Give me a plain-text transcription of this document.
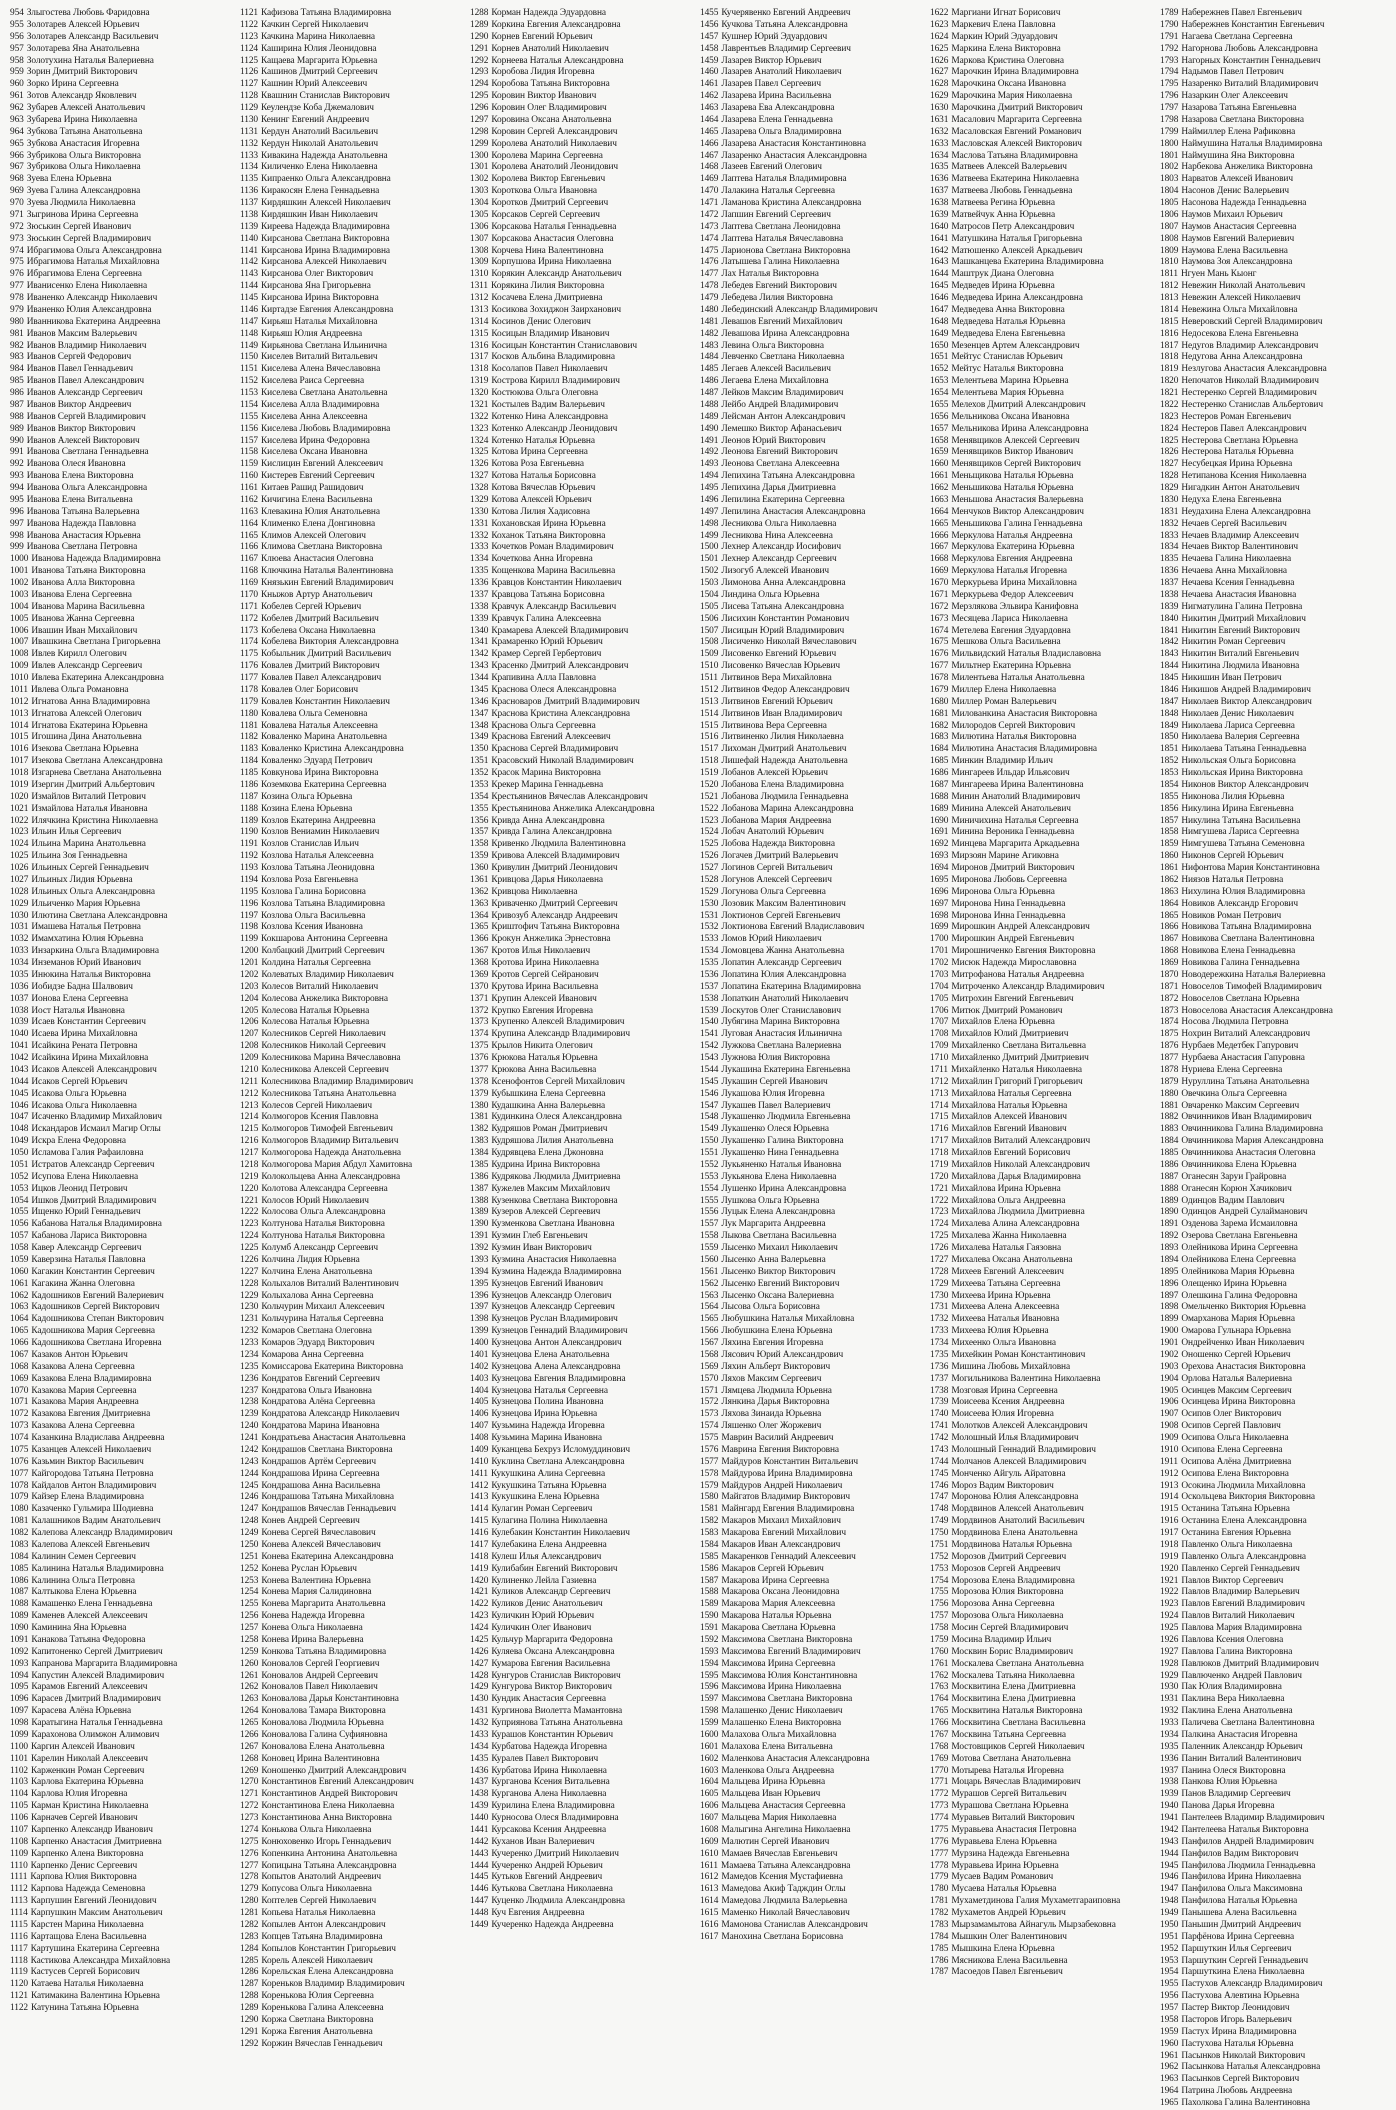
954 Злыгостева Любовь Фаридовна
955 Золотарев Алексей Юрьевич
956 Золотарев Александр Васильевич
957 Золотарева Яна Анатольевна
958 Золотухина Наталья Валериевна
959 Зорин Дмитрий Викторович
960 Зорко Ирина Сергеевна
961 Зотов Александр Яковлевич
962 Зубарев Алексей Анатольевич
963 Зубарева Ирина Николаевна
964 Зубкова Татьяна Анатольевна
965 Зубкова Анастасия Игоревна
966 Зубрикова Ольга Викторовна
967 Зубрикова Ольга Николаевна
968 Зуева Елена Юрьевна
969 Зуева Галина Александровна
970 Зуева Людмила Николаевна
971 Зыгринова Ирина Сергеевна
972 Зюськин Сергей Иванович
973 Зюськин Сергей Владимирович
974 Ибрагимова Ольга Александровна
975 Ибрагимова Наталья Михайловна
976 Ибрагимова Елена Сергеевна
977 Иванисенко Елена Николаевна
978 Иваненко Александр Николаевич
979 Иваненко Юлия Александровна
980 Иванникова Екатерина Андреевна
981 Иванов Максим Валерьевич
982 Иванов Владимир Николаевич
983 Иванов Сергей Федорович
984 Иванов Павел Геннадьевич
985 Иванов Павел Александрович
986 Иванов Александр Сергеевич
987 Иванов Виктор Андреевич
988 Иванов Сергей Владимирович
989 Иванов Виктор Викторович
990 Иванов Алексей Викторович
991 Иванова Светлана Геннадьевна
992 Иванова Олеся Ивановна
993 Иванова Елена Викторовна
994 Иванова Ольга Александровна
995 Иванова Елена Витальевна
996 Иванова Татьяна Валерьевна
997 Иванова Надежда Павловна
998 Иванова Анастасия Юрьевна
999 Иванова Светлана Петровна
1000 Иванова Надежда Владимировна
1001 Иванова Татьяна Викторовна
1002 Иванова Алла Викторовна
1003 Иванова Елена Сергеевна
1004 Иванова Марина Васильевна
1005 Иванова Жанна Сергеевна
1006 Ивашин Иван Михайлович
1007 Ивашкина Светлана Григорьевна
1008 Ивлев Кирилл Олегович
1009 Ивлев Александр Сергеевич
1010 Ивлева Екатерина Александровна
1011 Ивлева Ольга Романовна
1012 Игнатова Анна Владимировна
1013 Игнатова Алексей Олегович
1014 Игнатова Екатерина Юрьевна
1015 Игошина Дина Анатольевна
1016 Изекова Светлана Юрьевна
1017 Изекова Светлана Александровна
1018 Изгарнева Светлана Анатольевна
1019 Изергин Дмитрий Альбертович
1020 Измайлов Виталий Петрович
1021 Измайлова Наталья Ивановна
1022 Илячкина Кристина Николаевна
1023 Ильин Илья Сергеевич
1024 Ильина Марина Анатольевна
1025 Ильина Зоя Геннадьевна
1026 Ильиных Сергей Геннадьевич
1027 Ильиных Лидия Юрьевна
1028 Ильиных Ольга Александровна
1029 Ильиченко Мария Юрьевна
1030 Илютина Светлана Александровна
1031 Имашева Наталья Петровна
1032 Имамхатина Юлия Юрьевна
1033 Инзаркина Ольга Владимировна
1034 Инземанов Юрий Иванович
1035 Инюкина Наталья Викторовна
1036 Иобидзе Бадна Шалвович
1037 Ионова Елена Сергеевна
1038 Иост Наталья Ивановна
1039 Исаев Константин Сергеевич
1040 Исаева Ирина Михайловна
1041 Исайкина Рената Петровна
1042 Исайкина Ирина Михайловна
1043 Исаков Алексей Александрович
1044 Исаков Сергей Юрьевич
1045 Исакова Ольга Юрьевна
1046 Исакова Ольга Николаевна
1047 Исаченко Владимир Михайлович
1048 Искандаров Исмаил Магир Оглы
1049 Искра Елена Федоровна
1050 Исламова Галия Рафаиловна
1051 Истратов Александр Сергеевич
1052 Исупова Елена Николаевна
1053 Ицков Леонид Петрович
1054 Ишков Дмитрий Владимирович
1055 Ищенко Юрий Геннадьевич
1056 Кабанова Наталья Владимировна
1057 Кабанова Лариса Викторовна
1058 Кавер Александр Сергеевич
1059 Каверзина Наталья Павловна
1060 Кагакин Константин Сергеевич
1061 Кагакина Жанна Олеговна
1062 Кадошников Евгений Валериевич
1063 Кадошников Сергей Викторович
1064 Кадошникова Степан Викторович
1065 Кадошникова Мария Сергеевна
1066 Кадошникова Светлана Игоревна
1067 Казаков Антон Юрьевич
1068 Казакова Алена Сергеевна
1069 Казакова Елена Владимировна
1070 Казакова Мария Сергеевна
1071 Казакова Мария Андреевна
1072 Казакова Евгения Дмитриевна
1073 Казакова Алена Сергеевна
1074 Казанкина Владислава Андреевна
1075 Казанцев Алексей Николаевич
1076 Казьмин Виктор Васильевич
1077 Кайгородова Татьяна Петровна
1078 Кайдалов Антон Владимирович
1079 Кайзер Елена Владимировна
1080 Казаченко Гульмира Шодиевна
1081 Калашников Вадим Анатольевич
1082 Калепова Александр Владимирович
1083 Калепова Алексей Евгеньевич
1084 Калинин Семен Сергеевич
1085 Калинина Наталья Владимировна
1086 Калинина Ольга Петровна
1087 Калтыкова Елена Юрьевна
1088 Камашенко Елена Геннадьевна
1089 Каменев Алексей Алексеевич
1090 Каминина Яна Юрьевна
1091 Канакова Татьяна Федоровна
1092 Капитоненко Сергей Дмитриевич
1093 Капранова Маргарита Владимировна
1094 Капустин Алексей Владимирович
1095 Карамов Евгений Алексеевич
1096 Карасев Дмитрий Владимирович
1097 Карасева Алёна Юрьевна
1098 Каратыгина Наталья Геннадьевна
1099 Карахонова Олимжон Алимович
1100 Каргин Алексей Иванович
1101 Карелин Николай Алексеевич
1102 Карженкин Роман Сергеевич
1103 Карлова Екатерина Юрьевна
1104 Карлова Юлия Игоревна
1105 Карман Кристина Николаевна
1106 Карначев Сергей Иванович
1107 Карпенко Александр Иванович
1108 Карпенко Анастасия Дмитриевна
1109 Карпенко Алена Викторовна
1110 Карпенко Денис Сергеевич
1111 Карпова Юлия Викторовна
1112 Карпова Надежда Семеновна
1113 Карпушин Евгений Леонидович
1114 Карпушкин Максим Анатольевич
1115 Карстен Марина Николаевна
1116 Картащова Елена Васильевна
1117 Картушина Екатерина Сергеевна
1118 Кастикова Александра Михайловна
1119 Кастусев Сергей Борисович
1120 Катаева Наталья Николаевна
1121 Катимакина Валентина Юрьевна
1122 Катунина Татьяна Юрьевна
1121 Кафизова Татьяна Владимировна
1122 Качкин Сергей Николаевич
1123 Качкина Марина Николаевна
1124 Каширина Юлия Леонидовна
1125 Кащаева Маргарита Юрьевна
1126 Кашинов Дмитрий Сергеевич
1127 Кашнин Юрий Алексеевич
1128 Квашнин Станислав Викторович
1129 Кеулендзе Коба Джемалович
1130 Кенинг Евгений Андреевич
1131 Кердун Анатолий Васильевич
1132 Кердун Николай Анатольевич
1133 Кивакина Надежда Анатольевна
1134 Киличенко Елена Николаевна
1135 Кипраенко Ольга Александровна
1136 Киракосян Елена Геннадьевна
1137 Кирдяшкин Алексей Николаевич
1138 Кирдяшкин Иван Николаевич
1139 Киреева Надежда Владимировна
1140 Кирсанова Светлана Викторовна
1141 Кирсанова Ирина Владимировна
1142 Кирсанова Алексей Николаевич
1143 Кирсанова Олег Викторович
1144 Кирсанова Яна Григорьевна
1145 Кирсанова Ирина Викторовна
1146 Киртадзе Евгения Александровна
1147 Кирьяш Наталья Михайловна
1148 Кирьяш Юлия Андреевна
1149 Кирьянова Светлана Ильинична
1150 Киселев Виталий Витальевич
1151 Киселева Алена Вячеславовна
1152 Киселева Раиса Сергеевна
1153 Киселева Светлана Анатольевна
1154 Киселева Алла Владимировна
1155 Киселева Анна Алексеевна
1156 Киселева Любовь Владимировна
1157 Киселева Ирина Федоровна
1158 Киселева Оксана Ивановна
1159 Кислицин Евгений Алексеевич
1160 Кистерев Евгений Сергеевич
1161 Китаев Рашид Рашидович
1162 Кичигина Елена Васильевна
1163 Клевакина Юлия Анатольевна
1164 Клименко Елена Донгиновна
1165 Климов Алексей Олегович
1166 Климова Светлана Викторовна
1167 Клюева Анастасия Олеговна
1168 Ключкина Наталья Валентиновна
1169 Князькин Евгений Владимирович
1170 Кныжов Артур Анатольевич
1171 Кобелев Сергей Юрьевич
1172 Кобелев Дмитрий Васильевич
1173 Кобелева Оксана Николаевна
1174 Кобелева Виктория Александровна
1175 Кобыльник Дмитрий Васильевич
1176 Ковалев Дмитрий Викторович
1177 Ковалев Павел Александрович
1178 Ковалев Олег Борисович
1179 Ковалев Константин Николаевич
1180 Ковалева Ольга Семеновна
1181 Ковалева Наталья Алексеевна
1182 Коваленко Марина Анатольевна
1183 Коваленко Кристина Александровна
1184 Коваленко Эдуард Петрович
1185 Ковкунова Ирина Викторовна
1186 Коземкова Екатерина Сергеевна
1187 Козина Ольга Юрьевна
1188 Козина Елена Юрьевна
1189 Козлов Екатерина Андреевна
1190 Козлов Вениамин Николаевич
1191 Козлов Станислав Ильич
1192 Козлова Наталья Алексеевна
1193 Козлова Татьяна Леонидовна
1194 Козлова Роза Евгеньевна
1195 Козлова Галина Борисовна
1196 Козлова Татьяна Владимировна
1197 Козлова Ольга Васильевна
1198 Козлова Ксения Ивановна
1199 Кокшарова Антонина Сергеевна
1200 Колбацкий Дмитрий Сергеевич
1201 Колдина Наталья Сергеевна
1202 Колеватых Владимир Николаевич
1203 Колесов Виталий Николаевич
1204 Колесова Анжелика Викторовна
1205 Колесова Наталья Юрьевна
1206 Колесова Наталья Юрьевна
1207 Колесников Сергей Николаевич
1208 Колесников Николай Сергеевич
1209 Колесникова Марина Вячеславовна
1210 Колесникова Алексей Сергеевич
1211 Колесникова Владимир Владимирович
1212 Колесникова Татьяна Анатольевна
1213 Колесов Сергей Николаевич
1214 Колмогоров Ксения Павловна
1215 Колмогоров Тимофей Евгеньевич
1216 Колмогоров Владимир Витальевич
1217 Колмогорова Надежда Анатольевна
1218 Колмогорова Мария Абдул Хамитовна
1219 Колокольцева Анна Александровна
1220 Колотова Александра Сергеевна
1221 Колосов Юрий Николаевич
1222 Колосова Ольга Александровна
1223 Колтунова Наталья Викторовна
1224 Колтунова Наталья Викторовна
1225 Колумб Александр Сергеевич
1226 Колчина Лидия Юрьевна
1227 Колчина Елена Анатольевна
1228 Колыхалов Виталий Валентинович
1229 Колыхалова Анна Сергеевна
1230 Кольчурин Михаил Алексеевич
1231 Кольчурина Наталья Сергеевна
1232 Комаров Светлана Олеговна
1233 Комаров Эдуард Викторович
1234 Комарова Анна Сергеевна
1235 Комиссарова Екатерина Викторовна
1236 Кондратов Евгений Сергеевич
1237 Кондратова Ольга Ивановна
1238 Кондратова Алёна Сергеевна
1239 Кондратова Александр Николаевич
1240 Кондратова Марина Ивановна
1241 Кондратьева Анастасия Анатольевна
1242 Кондрашов Светлана Викторовна
1243 Кондрашов Артём Сергеевич
1244 Кондрашова Ирина Сергеевна
1245 Кондрашова Анна Васильевна
1246 Кондрашова Татьяна Михайловна
1247 Кондрашов Вячеслав Геннадьевич
1248 Конев Андрей Сергеевич
1249 Конева Сергей Вячеславович
1250 Конева Алексей Вячеславович
1251 Конева Екатерина Александровна
1252 Конева Руслан Юрьевич
1253 Конева Валентина Юрьевна
1254 Конева Мария Салидиновна
1255 Конева Маргарита Анатольевна
1256 Конева Надежда Игоревна
1257 Конева Ольга Николаевна
1258 Конева Ирина Валерьевна
1259 Конкова Татьяна Владимировна
1260 Коновалов Сергей Георгиевич
1261 Коновалов Андрей Сергеевич
1262 Коновалов Павел Николаевич
1263 Коновалова Дарья Константиновна
1264 Коновалова Тамара Викторовна
1265 Коновалова Людмила Юрьевна
1266 Коновалова Галина Суфияновна
1267 Коновалова Елена Анатольевна
1268 Коновец Ирина Валентиновна
1269 Коношенко Дмитрий Александрович
1270 Константинов Евгений Александрович
1271 Константинов Андрей Викторович
1272 Константинова Елена Николаевна
1273 Константинова Анна Викторовна
1274 Конькова Ольга Николаевна
1275 Конюховенко Игорь Геннадьевич
1276 Копенкина Антонина Анатольевна
1277 Копицына Татьяна Александровна
1278 Копытов Анатолий Андреевич
1279 Копусова Ольга Николаевна
1280 Коптелев Сергей Николаевич
1281 Копьева Наталья Николаевна
1282 Копылев Антон Александрович
1283 Копцев Татьяна Владимировна
1284 Копылов Константин Григорьевич
1285 Корель Алексей Николаевич
1286 Корельская Елена Александровна
1287 Кореньков Владимир Владимирович
1288 Коренькова Юлия Сергеевна
1289 Коренькова Галина Алексеевна
1290 Коржа Светлана Викторовна
1291 Коржа Евгения Анатольевна
1292 Коржин Вячеслав Геннадьевич
1288 Корман Надежда Эдуардовна
1289 Коркина Евгения Александровна
1290 Корнев Евгений Юрьевич
1291 Корнев Анатолий Николаевич
1292 Корнеева Наталья Александровна
1293 Коробова Лидия Игоревна
1294 Коробова Татьяна Викторовна
1295 Коровин Виктор Иванович
1296 Коровин Олег Владимирович
1297 Коровина Оксана Анатольевна
1298 Коровин Сергей Александрович
1299 Королева Анатолий Николаевич
1300 Королева Марина Сергеевна
1301 Королева Анатолий Леонидович
1302 Королева Виктор Евгеньевич
1303 Короткова Ольга Ивановна
1304 Коротков Дмитрий Сергеевич
1305 Корсаков Сергей Сергеевич
1306 Корсакова Наталья Геннадьевна
1307 Корсакова Анастасия Олеговна
1308 Корчева Нина Валентиновна
1309 Корпушова Ирина Николаевна
1310 Корякин Александр Анатольевич
1311 Корякина Лилия Викторовна
1312 Косачева Елена Дмитриевна
1313 Косикова Зохиджон Заирханович
1314 Косинов Денис Олегович
1315 Косицын Владимир Иванович
1316 Косицын Константин Станиславович
1317 Косков Альбина Владимировна
1318 Косолапов Павел Николаевич
1319 Кострова Кирилл Владимирович
1320 Костюкова Ольга Олеговна
1321 Костылев Вадим Валерьевич
1322 Котенко Нина Александровна
1323 Котенко Александр Леонидович
1324 Котенко Наталья Юрьевна
1325 Котова Ирина Сергеевна
1326 Котова Роза Евгеньевна
1327 Котова Наталья Борисовна
1328 Котова Вячеслав Юрьевич
1329 Котова Алексей Юрьевич
1330 Котова Лилия Хадисовна
1331 Кохановская Ирина Юрьевна
1332 Коханок Татьяна Викторовна
1333 Кочетков Роман Владимирович
1334 Кочеткова Анна Игоревна
1335 Кощенкова Марина Васильевна
1336 Кравцов Константин Николаевич
1337 Кравцова Татьяна Борисовна
1338 Кравчук Александр Васильевич
1339 Кравчук Галина Алексеевна
1340 Крамарева Алексей Владимирович
1341 Крамаренко Юрий Юрьевич
1342 Крамер Сергей Гербертович
1343 Красенко Дмитрий Александрович
1344 Крапивина Алла Павловна
1345 Краснова Олеся Александровна
1346 Красноваров Дмитрий Владимирович
1347 Краснова Кристина Александровна
1348 Краснова Ольга Сергеевна
1349 Краснова Евгений Алексеевич
1350 Краснова Сергей Владимирович
1351 Красовский Николай Владимирович
1352 Красок Марина Викторовна
1353 Крекер Марина Геннадьевна
1354 Крестьянинов Вячеслав Александрович
1355 Крестьянинова Анжелика Александровна
1356 Кривда Анна Александровна
1357 Кривда Галина Александровна
1358 Кривенко Людмила Валентиновна
1359 Кривова Алексей Владимирович
1360 Кривулин Дмитрий Леонидович
1361 Кривцова Дарья Николаевна
1362 Кривцова Николаевна
1363 Криваченко Дмитрий Сергеевич
1364 Кривозуб Александр Андреевич
1365 Криштофич Татьяна Викторовна
1366 Крокун Анжелика Эрнестовна
1367 Кротов Илья Николаевич
1368 Кротова Ирина Николаевна
1369 Кротов Сергей Сейранович
1370 Крутова Ирина Васильевна
1371 Крупин Алексей Иванович
1372 Крупко Евгения Игоревна
1373 Крупенко Алексей Владимирович
1374 Крупина Александр Владимирович
1375 Крылов Никита Олегович
1376 Крюкова Наталья Юрьевна
1377 Крюкова Анна Васильевна
1378 Ксенофонтов Сергей Михайлович
1379 Кубышкина Елена Сергеевна
1380 Кудашкина Анна Валерьевна
1381 Кудинкина Олеся Александровна
1382 Кудряшов Роман Дмитриевич
1383 Кудряшова Лилия Анатольевна
1384 Кудрявцева Елена Джоновна
1385 Кудрина Ирина Викторовна
1386 Кудрякова Людмила Дмитриевна
1387 Кужелев Максим Михайлович
1388 Кузенкова Светлана Викторовна
1389 Кузеров Алексей Сергеевич
1390 Кузменкова Светлана Ивановна
1391 Кузмин Глеб Евгеньевич
1392 Кузмин Иван Викторович
1393 Кузмина Анастасия Николаевна
1394 Кузмина Надежда Владимировна
1395 Кузнецов Евгений Иванович
1396 Кузнецов Александр Олегович
1397 Кузнецов Александр Сергеевич
1398 Кузнецов Руслан Владимирович
1399 Кузнецов Геннадий Владимирович
1400 Кузнецова Антон Александрович
1401 Кузнецова Елена Анатольевна
1402 Кузнецова Алена Александровна
1403 Кузнецова Евгения Владимировна
1404 Кузнецова Наталья Сергеевна
1405 Кузнецова Полина Ивановна
1406 Кузнецова Ирина Юрьевна
1407 Кузьмина Надежда Игоревна
1408 Кузьмина Марина Ивановна
1409 Куканцева Бехруз Исломуддинович
1410 Куклина Светлана Александровна
1411 Кукушкина Алина Сергеевна
1412 Кукушкина Татьяна Юрьевна
1413 Кукушкина Елена Юрьевна
1414 Кулагин Роман Сергеевич
1415 Кулагина Полина Николаевна
1416 Кулебакин Константин Николаевич
1417 Кулебакина Елена Андреевна
1418 Кулеш Илья Александрович
1419 Кулибабин Евгений Викторович
1420 Кулиненко Лейла Газиевна
1421 Куликов Александр Сергеевич
1422 Куликов Денис Анатольевич
1423 Куличкин Юрий Юрьевич
1424 Куличкин Олег Иванович
1425 Кульчур Маргарита Федоровна
1426 Куляева Оксана Александровна
1427 Кумарова Евгения Васильевна
1428 Кунгуров Станислав Викторович
1429 Кунгурова Виктор Викторович
1430 Кундик Анастасия Сергеевна
1431 Кургинова Виолетта Мамантовна
1432 Куприянова Татьяна Анатольевна
1433 Курашов Константин Юрьевич
1434 Курбатова Надежда Игоревна
1435 Куралев Павел Викторович
1436 Курбатова Ирина Николаевна
1437 Курганова Ксения Витальевна
1438 Курганова Алена Николаевна
1439 Курилина Елена Владимировна
1440 Курносова Олеся Владимировна
1441 Курсакова Ксения Андреевна
1442 Куханов Иван Валериевич
1443 Кучеренко Дмитрий Николаевич
1444 Кучеренко Андрей Юрьевич
1445 Кутьков Евгений Андреевич
1446 Кутькова Светлана Николаевна
1447 Куценко Людмила Александровна
1448 Куч Евгения Андреевна
1449 Кучеренко Надежда Андреевна
1455 Кучерявенко Евгений Андреевич
1456 Кучкова Татьяна Александровна
1457 Кушнер Юрий Эдуардович
1458 Лаврентьев Владимир Сергеевич
1459 Лазарев Виктор Юрьевич
1460 Лазарев Анатолий Николаевич
1461 Лазарев Павел Сергеевич
1462 Лазарева Ирина Васильевна
1463 Лазарева Ева Александровна
1464 Лазарева Елена Геннадьевна
1465 Лазарева Ольга Владимировна
1466 Лазарева Анастасия Константиновна
1467 Лазаренко Анастасия Александровна
1468 Лазеев Евгений Олегович
1469 Лаптева Наталья Владимировна
1470 Лалакина Наталья Сергеевна
1471 Ламанова Кристина Александровна
1472 Лапшин Евгений Сергеевич
1473 Лаптева Светлана Леонидовна
1474 Лаптева Наталья Вячеславовна
1475 Ларионова Светлана Викторовна
1476 Латышева Галина Николаевна
1477 Лах Наталья Викторовна
1478 Лебедев Евгений Викторович
1479 Лебедева Лилия Викторовна
1480 Лебединский Александр Владимирович
1481 Левашов Евгений Михайлович
1482 Левашова Ирина Александровна
1483 Левина Ольга Викторовна
1484 Левченко Светлана Николаевна
1485 Легаев Алексей Васильевич
1486 Легаева Елена Михайловна
1487 Лейков Максим Владимирович
1488 Лейбо Андрей Владимирович
1489 Лейсман Антон Александрович
1490 Лемешко Виктор Афанасьевич
1491 Леонов Юрий Викторович
1492 Леонова Евгений Викторович
1493 Леонова Светлана Алексеевна
1494 Лепихина Татьяна Александровна
1495 Лепихина Дарья Дмитриевна
1496 Лепилина Екатерина Сергеевна
1497 Лепилина Анастасия Александровна
1498 Лесникова Ольга Николаевна
1499 Лесникова Нина Алексеевна
1500 Лехнер Александр Иосифович
1501 Лехнер Александр Сергеевич
1502 Лизогуб Алексей Иванович
1503 Лимонова Анна Александровна
1504 Линдина Ольга Юрьевна
1505 Лисева Татьяна Александровна
1506 Лисихин Константин Романович
1507 Лисицын Юрий Владимирович
1508 Лисиченко Николай Вячеславович
1509 Лисовенко Евгений Юрьевич
1510 Лисовенко Вячеслав Юрьевич
1511 Литвинов Вера Михайловна
1512 Литвинов Федор Александрович
1513 Литвинов Евгений Юрьевич
1514 Литвинов Иван Владимирович
1515 Литвинова Вера Сергеевна
1516 Литвиненко Лилия Николаевна
1517 Лихоман Дмитрий Анатольевич
1518 Лишефай Надежда Анатольевна
1519 Лобанов Алексей Юрьевич
1520 Лобанова Елена Владимировна
1521 Лобанова Людмила Геннадьевна
1522 Лобанова Марина Александровна
1523 Лобанова Мария Андреевна
1524 Лобач Анатолий Юрьевич
1525 Лобова Надежда Викторовна
1526 Логачев Дмитрий Валерьевич
1527 Логинов Сергей Витальевич
1528 Логунов Алексей Сергеевич
1529 Логунова Ольга Сергеевна
1530 Лозовик Максим Валентинович
1531 Локтионов Сергей Евгеньевич
1532 Локтионова Евгений Владиславович
1533 Ломов Юрий Николаевич
1534 Ломовцева Жанна Анатольевна
1535 Лопатин Александр Сергеевич
1536 Лопатина Юлия Александровна
1537 Лопатина Екатерина Владимировна
1538 Лопаткин Анатолий Николаевич
1539 Лоскутов Олег Станиславович
1540 Лубягина Марина Викторовна
1541 Луговая Анастасия Ильинична
1542 Лужкова Светлана Валериевна
1543 Лужнова Юлия Викторовна
1544 Лукашина Екатерина Евгеньевна
1545 Лукашин Сергей Иванович
1546 Лукашова Юлия Игоревна
1547 Лукашев Павел Валериевич
1548 Лукашенко Людмила Евгеньевна
1549 Лукашенко Олеся Юрьевна
1550 Лукашенко Галина Викторовна
1551 Лукашенко Нина Геннадьевна
1552 Лукьяненко Наталья Ивановна
1553 Лукьянова Елена Николаевна
1554 Лушенко Ирина Александровна
1555 Лушкова Ольга Юрьевна
1556 Луцык Елена Александровна
1557 Лук Маргарита Андреевна
1558 Лыкова Светлана Васильевна
1559 Лысенко Михаил Николаевич
1560 Лысенко Анна Валерьевна
1561 Лысенко Виктор Викторович
1562 Лысенко Евгений Викторович
1563 Лысенко Оксана Валериевна
1564 Лысова Ольга Борисовна
1565 Любушкина Наталья Михайловна
1566 Любушкина Елена Юрьевна
1567 Ляхина Евгения Игоревна
1568 Лясович Юрий Александрович
1569 Ляхин Альберт Викторович
1570 Ляхов Максим Сергеевич
1571 Лямцева Людмила Юрьевна
1572 Лянкина Дарья Викторовна
1573 Ляхова Зинаида Юрьевна
1574 Ляшенко Олег Жоржевич
1575 Маврин Василий Андреевич
1576 Маврина Евгения Викторовна
1577 Майдуров Константин Витальевич
1578 Майдурова Ирина Владимировна
1579 Майдуров Андрей Николаевич
1580 Майгатов Владимир Викторович
1581 Майнгард Евгения Владимировна
1582 Макаров Михаил Михайлович
1583 Макарова Евгений Михайлович
1584 Макаров Иван Александрович
1585 Макаренков Геннадий Алексеевич
1586 Макаров Сергей Юрьевич
1587 Макарова Ирина Сергеевна
1588 Макарова Оксана Леонидовна
1589 Макарова Мария Алексеевна
1590 Макарова Наталья Юрьевна
1591 Макарова Светлана Юрьевна
1592 Максимова Светлана Викторовна
1593 Максимова Евгений Владимирович
1594 Максимова Ирина Сергеевна
1595 Максимова Юлия Константиновна
1596 Максимова Ирина Николаевна
1597 Максимова Светлана Викторовна
1598 Малашенко Денис Николаевич
1599 Малашенко Елена Викторовна
1600 Малахова Ольга Михайловна
1601 Малахова Елена Витальевна
1602 Маленкова Анастасия Александровна
1603 Маленкова Ольга Андреевна
1604 Мальцева Ирина Юрьевна
1605 Мальцева Иван Юрьевич
1606 Мальцева Анастасия Сергеевна
1607 Мальцева Мария Николаевна
1608 Малыгина Ангелина Николаевна
1609 Малютин Сергей Иванович
1610 Мамаев Вячеслав Евгеньевич
1611 Мамаева Татьяна Александровна
1612 Мамедов Ксения Мустафиевна
1613 Мамедова Акиф Тадждин Оглы
1614 Мамедова Людмила Валерьевна
1615 Маменко Николай Вячеславович
1616 Мамонова Станислав Александрович
1617 Манохина Светлана Борисовна
1622 Маргиани Игнат Борисович
1623 Маркевич Елена Павловна
1624 Маркин Юрий Эдуардович
1625 Маркина Елена Викторовна
1626 Маркова Кристина Олеговна
1627 Марочкин Ирина Владимировна
1628 Марочкина Оксана Ивановна
1629 Марочкина Мария Николаевна
1630 Марочкина Дмитрий Викторович
1631 Масалович Маргарита Сергеевна
1632 Масаловская Евгений Романович
1633 Масловская Алексей Викторович
1634 Маслова Татьяна Владимировна
1635 Матвеев Алексей Валерьевич
1636 Матвеева Екатерина Николаевна
1637 Матвеева Любовь Геннадьевна
1638 Матвеева Регина Юрьевна
1639 Матвейчук Анна Юрьевна
1640 Матросов Петр Александрович
1641 Матушкина Наталья Григорьевна
1642 Матюшенко Алексей Аркадьевич
1643 Машканцева Екатерина Владимировна
1644 Маштрук Диана Олеговна
1645 Медведев Ирина Юрьевна
1646 Медведева Ирина Александровна
1647 Медведева Анна Викторовна
1648 Медведева Наталья Юрьевна
1649 Медведева Елена Евгеньевна
1650 Мезенцев Артем Александрович
1651 Мейтус Станислав Юрьевич
1652 Мейтус Наталья Викторовна
1653 Мелентьева Марина Юрьевна
1654 Мелентьева Мария Юрьевна
1655 Мелехов Дмитрий Александрович
1656 Мельникова Оксана Ивановна
1657 Мельникова Ирина Александровна
1658 Менявщиков Алексей Сергеевич
1659 Менявщиков Виктор Иванович
1660 Менявщиков Сергей Викторович
1661 Меньщикова Наталья Юрьевна
1662 Меньшикова Наталья Юрьевна
1663 Меньшова Анастасия Валерьевна
1664 Менчуков Виктор Александрович
1665 Меньшикова Галина Геннадьевна
1666 Меркулова Наталья Андреевна
1667 Меркулова Екатерина Юрьевна
1668 Меркулова Евгения Андреевна
1669 Меркулова Наталья Игоревна
1670 Меркурьева Ирина Михайловна
1671 Меркурьева Федор Алексеевич
1672 Мерзлякова Эльвира Канифовна
1673 Месяцева Лариса Николаевна
1674 Метелева Евгения Эдуардовна
1675 Мешкова Ольга Васильевна
1676 Мильвидский Наталья Владиславовна
1677 Мильтнер Екатерина Юрьевна
1678 Милентьева Наталья Анатольевна
1679 Миллер Елена Николаевна
1680 Миллер Роман Валерьевич
1681 Милованкина Анастасия Викторовна
1682 Милородов Сергей Викторович
1683 Милютина Наталья Викторовна
1684 Милютина Анастасия Владимировна
1685 Минкин Владимир Ильич
1686 Мингареев Ильдар Ильясович
1687 Мингареева Ирина Валентиновна
1688 Минин Анатолий Владимирович
1689 Минина Алексей Анатольевич
1690 Миничихина Наталья Сергеевна
1691 Минина Вероника Геннадьевна
1692 Минцева Маргарита Аркадьевна
1693 Мирзоян Марине Агиковна
1694 Миронов Дмитрий Викторович
1695 Миронова Любовь Сергеевна
1696 Миронова Ольга Юрьевна
1697 Миронова Нина Геннадьевна
1698 Миронова Инна Геннадьевна
1699 Мирошкин Андрей Александрович
1700 Мирошкин Андрей Евгеньевич
1701 Мирошниченко Евгения Викторовна
1702 Мисюк Надежда Мирославовна
1703 Митрофанова Наталья Андреевна
1704 Митроченко Александр Владимирович
1705 Митрохин Евгений Евгеньевич
1706 Митюк Дмитрий Романович
1707 Михайлов Елена Юрьевна
1708 Михайлов Юлий Дмитриевич
1709 Михайленко Светлана Витальевна
1710 Михайленко Дмитрий Дмитриевич
1711 Михайленко Наталья Николаевна
1712 Михайлин Григорий Григорьевич
1713 Михайлова Наталья Сергеевна
1714 Михайлова Наталья Юрьевна
1715 Михайлов Алексей Иванович
1716 Михайлов Евгений Иванович
1717 Михайлов Виталий Александрович
1718 Михайлов Евгений Борисович
1719 Михайлов Николай Александрович
1720 Михайлова Дарья Владимировна
1721 Михайлова Ирина Юрьевна
1722 Михайлова Ольга Андреевна
1723 Михайлова Людмила Дмитриевна
1724 Михалева Алина Александровна
1725 Михалева Жанна Николаевна
1726 Михалева Наталья Гаязовна
1727 Михалева Оксана Анатольевна
1728 Михеев Евгений Алексеевич
1729 Михеева Татьяна Сергеевна
1730 Михеева Ирина Юрьевна
1731 Михеева Алена Алексеевна
1732 Михеева Наталья Ивановна
1733 Михеева Юлия Юрьевна
1734 Михеенко Ольга Ивановна
1735 Михейкин Роман Константинович
1736 Мишина Любовь Михайловна
1737 Могильникова Валентина Николаевна
1738 Мозговая Ирина Сергеевна
1739 Моисеева Ксения Андреевна
1740 Моисеева Юлия Игоревна
1741 Молотков Алексей Александрович
1742 Молошный Илья Владимирович
1743 Молошный Геннадий Владимирович
1744 Молчанов Алексей Владимирович
1745 Монченко Айгуль Айратовна
1746 Мороз Вадим Викторович
1747 Моронова Юлия Александровна
1748 Мордвинов Алексей Анатольевич
1749 Мордвинов Анатолий Васильевич
1750 Мордвинова Елена Анатольевна
1751 Мордвинова Наталья Юрьевна
1752 Морозов Дмитрий Сергеевич
1753 Морозов Сергей Андреевич
1754 Морозова Елена Владимировна
1755 Морозова Юлия Викторовна
1756 Морозова Анна Сергеевна
1757 Морозова Ольга Николаевна
1758 Мосин Сергей Владимирович
1759 Мосина Владимир Ильич
1760 Москвин Борис Владимирович
1761 Москалева Светлана Анатольевна
1762 Москалева Татьяна Николаевна
1763 Москвитина Елена Дмитриевна
1764 Москвитина Елена Дмитриевна
1765 Москвитина Наталья Викторовна
1766 Москвитина Светлана Васильевна
1767 Москвина Татьяна Сергеевна
1768 Мостовщиков Сергей Николаевич
1769 Мотова Светлана Анатольевна
1770 Мотырева Наталья Игоревна
1771 Моцарь Вячеслав Владимирович
1772 Мурашов Сергей Витальевич
1773 Мурашова Светлана Юрьевна
1774 Муравьев Виталий Викторович
1775 Муравьева Анастасия Петровна
1776 Муравьева Елена Юрьевна
1777 Мурзина Надежда Евгеньевна
1778 Муравьева Ирина Юрьевна
1779 Мусаев Вадим Романович
1780 Мусаева Наталья Юрьевна
1781 Мухаметдинова Галия Мухаметгараиповна
1782 Мухаметов Андрей Юрьевич
1783 Мырзамамытова Айнагуль Мырзабековна
1784 Мышкин Олег Валентинович
1785 Мышкина Елена Юрьевна
1786 Мясникова Елена Васильевна
1787 Масоедов Павел Евгеньевич
1789 Набережнев Павел Евгеньевич
1790 Набережнев Константин Евгеньевич
1791 Нагаева Светлана Сергеевна
1792 Нагорнова Любовь Александровна
1793 Нагорных Константин Геннадьевич
1794 Надымов Павел Петрович
1795 Назаренко Виталий Владимирович
1796 Назаркин Олег Алексеевич
1797 Назарова Татьяна Евгеньевна
1798 Назарова Светлана Викторовна
1799 Наймиллер Елена Рафиковна
1800 Наймушина Наталья Владимировна
1801 Наймушина Яна Викторовна
1802 Нарбекова Анжелика Викторовна
1803 Нарватов Алексей Иванович
1804 Насонов Денис Валерьевич
1805 Насонова Надежда Геннадьевна
1806 Наумов Михаил Юрьевич
1807 Наумов Анастасия Сергеевна
1808 Наумов Евгений Валериевич
1809 Наумова Елена Васильевна
1810 Наумова Зоя Александровна
1811 Нгуен Мань Кыонг
1812 Невежин Николай Анатольевич
1813 Невежин Алексей Николаевич
1814 Невежина Ольга Михайловна
1815 Неверовский Сергей Владимирович
1816 Недосекова Елена Евгеньевна
1817 Недугов Владимир Александрович
1818 Недугова Анна Александровна
1819 Незлугова Анастасия Александровна
1820 Непочатов Николай Владимирович
1821 Нестеренко Сергей Владимирович
1822 Нестеренко Станислав Альбертович
1823 Нестеров Роман Евгеньевич
1824 Нестеров Павел Александрович
1825 Нестерова Светлана Юрьевна
1826 Нестерова Наталья Юрьевна
1827 Несубецкая Ирина Юрьевна
1828 Нетипанова Ксения Николаевна
1829 Нигадкин Антон Анатольевич
1830 Недуха Елена Евгеньевна
1831 Неудахина Елена Александровна
1832 Нечаев Сергей Васильевич
1833 Нечаев Владимир Алексеевич
1834 Нечаев Виктор Валентинович
1835 Нечаева Галина Николаевна
1836 Нечаева Анна Михайловна
1837 Нечаева Ксения Геннадьевна
1838 Нечаева Анастасия Ивановна
1839 Нигматулина Галина Петровна
1840 Никитин Дмитрий Михайлович
1841 Никитин Евгений Викторович
1842 Никитин Роман Сергеевич
1843 Никитин Виталий Евгеньевич
1844 Никитина Людмила Ивановна
1845 Никишин Иван Петрович
1846 Никишов Андрей Владимирович
1847 Николаев Виктор Александрович
1848 Николаев Денис Николаевич
1849 Николаева Лариса Сергеевна
1850 Николаева Валерия Сергеевна
1851 Николаева Татьяна Геннадьевна
1852 Никольская Ольга Борисовна
1853 Никольская Ирина Викторовна
1854 Никонов Виктор Александрович
1855 Никонова Лилия Юрьевна
1856 Никулина Ирина Евгеньевна
1857 Никулина Татьяна Васильевна
1858 Нимгушева Лариса Сергеевна
1859 Нимгушева Татьяна Семеновна
1860 Никонов Сергей Юрьевич
1861 Нифонтова Мария Константиновна
1862 Ниязов Наталья Петровна
1863 Нихулина Юлия Владимировна
1864 Новиков Александр Егорович
1865 Новиков Роман Петрович
1866 Новикова Татьяна Владимировна
1867 Новикова Светлана Валентиновна
1868 Новикова Елена Геннадьевна
1869 Новикова Галина Геннадьевна
1870 Новодережкина Наталья Валериевна
1871 Новоселов Тимофей Владимирович
1872 Новоселов Светлана Юрьевна
1873 Новоселова Анастасия Александровна
1874 Носова Людмила Петровна
1875 Нохрин Виталий Александрович
1876 Нурбаев Медетбек Гапурович
1877 Нурбаева Анастасия Гапуровна
1878 Нуриева Елена Сергеевна
1879 Нуруллина Татьяна Анатольевна
1880 Овечкина Ольга Сергеевна
1881 Овчаренко Максим Сергеевич
1882 Овчинников Иван Владимирович
1883 Овчинникова Галина Владимировна
1884 Овчинникова Мария Александровна
1885 Овчинникова Анастасия Олеговна
1886 Овчинникова Елена Юрьевна
1887 Оганесян Заруи Грайровна
1888 Оганесян Корюн Хачикович
1889 Одинцов Вадим Павлович
1890 Одинцов Андрей Сулайманович
1891 Озденова Зарема Исмаиловна
1892 Озерова Светлана Евгеньевна
1893 Олейникова Ирина Сергеевна
1894 Олейникова Елена Сергеевна
1895 Олейникова Мария Юрьевна
1896 Олещенко Ирина Юрьевна
1897 Олешкина Галина Федоровна
1898 Омельченко Виктория Юрьевна
1899 Омарханова Мария Юрьевна
1900 Омарова Гульнара Юрьевна
1901 Ондрейченко Иван Николаевич
1902 Оношенко Сергей Юрьевич
1903 Орехова Анастасия Викторовна
1904 Орлова Наталья Валериевна
1905 Осинцев Максим Сергеевич
1906 Осинцева Ирина Викторовна
1907 Осипов Олег Викторович
1908 Осипов Сергей Павлович
1909 Осипова Ольга Николаевна
1910 Осипова Елена Сергеевна
1911 Осипова Алёна Дмитриевна
1912 Осипова Елена Викторовна
1913 Осокина Людмила Михайловна
1914 Оскольцева Виктория Викторовна
1915 Останина Татьяна Юрьевна
1916 Останина Елена Александровна
1917 Останина Евгения Юрьевна
1918 Павленко Ольга Николаевна
1919 Павленко Ольга Александровна
1920 Павленко Сергей Геннадьевич
1921 Павлов Виктор Сергеевич
1922 Павлов Владимир Валерьевич
1923 Павлов Евгений Владимирович
1924 Павлов Виталий Николаевич
1925 Павлова Мария Владимировна
1926 Павлова Ксения Олеговна
1927 Павлова Галина Викторовна
1928 Павлюков Дмитрий Владимирович
1929 Павлюченко Андрей Павлович
1930 Пак Юлия Владимировна
1931 Паклина Вера Николаевна
1932 Паклина Елена Анатольевна
1933 Паличева Светлана Валентиновна
1934 Палкина Анастасия Игоревна
1935 Паленник Александр Юрьевич
1936 Панин Виталий Валентинович
1937 Панина Олеся Викторовна
1938 Панкова Юлия Юрьевна
1939 Панов Владимир Сергеевич
1940 Панова Дарья Игоревна
1941 Пантелеев Владимир Владимирович
1942 Пантелеева Наталья Викторовна
1943 Панфилов Андрей Владимирович
1944 Панфилов Вадим Викторович
1945 Панфилова Людмила Геннадьевна
1946 Панфилова Ирина Николаевна
1947 Панфилова Ольга Максимовна
1948 Панфилова Наталья Юрьевна
1949 Панышева Алена Васильевна
1950 Паньшин Дмитрий Андреевич
1951 Парфёнова Ирина Сергеевна
1952 Паршуткин Илья Сергеевич
1953 Паршуткин Сергей Геннадьевич
1954 Паршуткина Елена Николаевна
1955 Пастухов Александр Владимирович
1956 Пастухова Алевтина Юрьевна
1957 Пастер Виктор Леонидович
1958 Пасторов Игорь Валерьевич
1959 Пастух Ирина Владимировна
1960 Пастухова Наталья Юрьевна
1961 Пасынков Николай Викторович
1962 Пасынкова Наталья Александровна
1963 Пасынков Сергей Викторович
1964 Патрина Любовь Андреевна
1965 Пахолкова Галина Валентиновна
